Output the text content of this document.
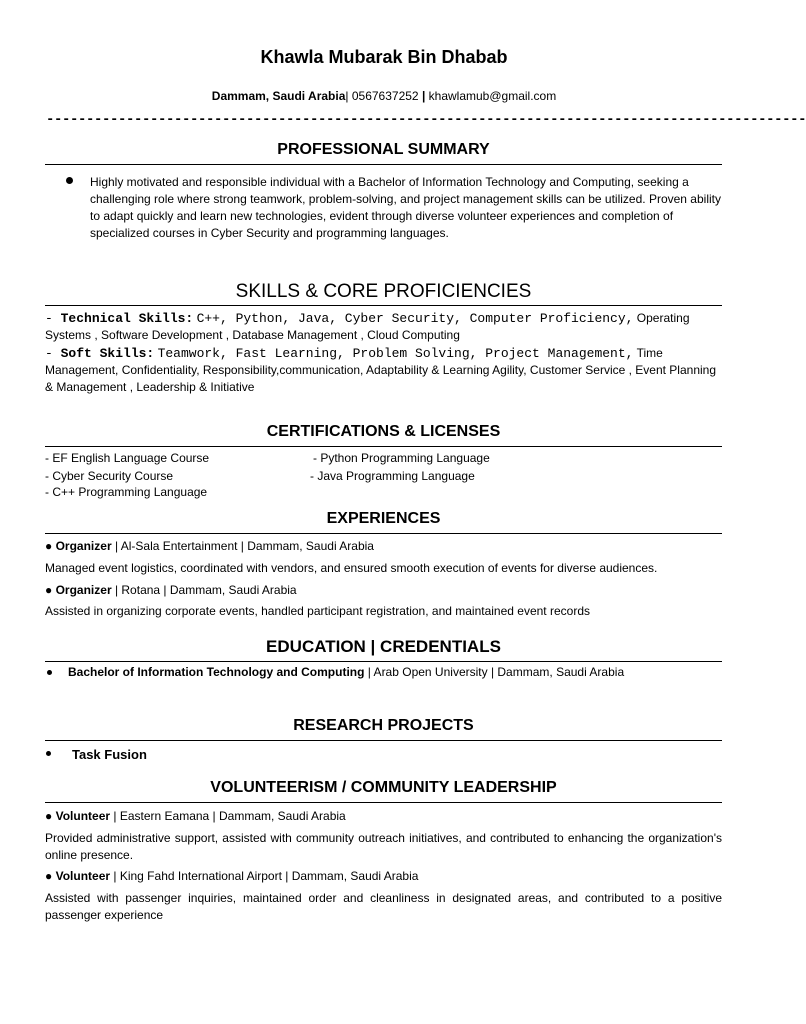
Khawla Mubarak Bin Dhabab
Dammam, Saudi Arabia| 0567637252 | khawlamub@gmail.com
-----------------------------------------------------------------------------------------------
PROFESSIONAL SUMMARY
Highly motivated and responsible individual with a Bachelor of Information Technology and Computing, seeking a challenging role where strong teamwork, problem-solving, and project management skills can be utilized. Proven ability to adapt quickly and learn new technologies, evident through diverse volunteer experiences and completion of specialized courses in Cyber Security and programming languages.
SKILLS & CORE PROFICIENCIES
- Technical Skills: C++, Python, Java, Cyber Security, Computer Proficiency, Operating Systems , Software Development , Database Management , Cloud Computing
- Soft Skills: Teamwork, Fast Learning, Problem Solving, Project Management, Time Management, Confidentiality, Responsibility,communication, Adaptability & Learning Agility, Customer Service , Event Planning & Management , Leadership & Initiative
CERTIFICATIONS & LICENSES
- EF English Language Course
- Cyber Security Course
- C++ Programming Language
- Python Programming Language
- Java Programming Language
EXPERIENCES
● Organizer | Al-Sala Entertainment | Dammam, Saudi Arabia
Managed event logistics, coordinated with vendors, and ensured smooth execution of events for diverse audiences.
● Organizer | Rotana | Dammam, Saudi Arabia
Assisted in organizing corporate events, handled participant registration, and maintained event records
EDUCATION | CREDENTIALS
Bachelor of Information Technology and Computing | Arab Open University | Dammam, Saudi Arabia
RESEARCH PROJECTS
Task Fusion
VOLUNTEERISM / COMMUNITY LEADERSHIP
● Volunteer | Eastern Eamana | Dammam, Saudi Arabia
Provided administrative support, assisted with community outreach initiatives, and contributed to enhancing the organization's online presence.
● Volunteer | King Fahd International Airport | Dammam, Saudi Arabia
Assisted with passenger inquiries, maintained order and cleanliness in designated areas, and contributed to a positive passenger experience
